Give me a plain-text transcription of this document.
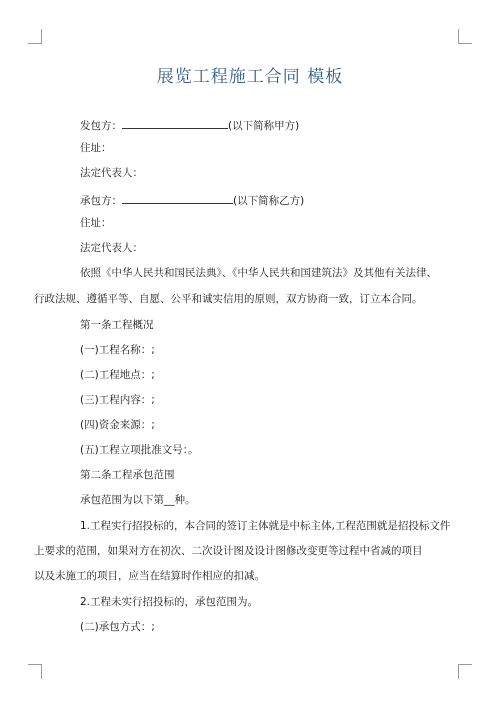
展览工程施工合同 模板
发包方：	(以下简称甲方)
住址：
法定代表人：
承包方：	(以下简称乙方)
住址：
法定代表人：
依照《中华人民共和国民法典》、《中华人民共和国建筑法》及其他有关法律、
行政法规、遵循平等、自愿、公平和诚实信用的原则，双方协商一致，订立本合同。
第一条工程概况
(一)工程名称：;
(二)工程地点：;
(三)工程内容：;
(四)资金来源：;
(五)工程立项批准文号：。
第二条工程承包范围
承包范围为以下第__种。
1.工程实行招投标的，本合同的签订主体就是中标主体,工程范围就是招投标文件
上要求的范围，如果对方在初次、二次设计图及设计图修改变更等过程中省减的项目
以及未施工的项目，应当在结算时作相应的扣减。
2.工程未实行招投标的，承包范围为。
(二)承包方式：;
